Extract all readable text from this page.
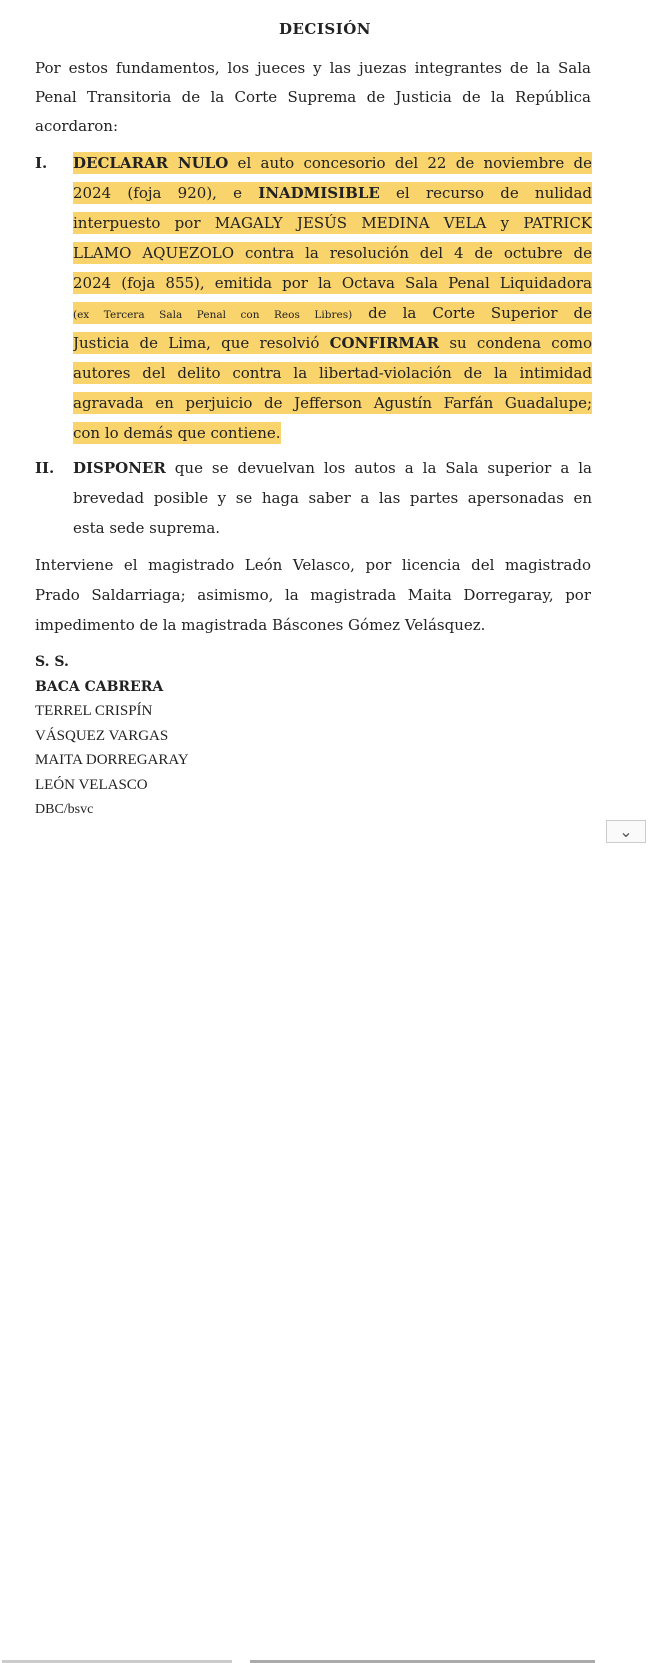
DECISIÓN
Por estos fundamentos, los jueces y las juezas integrantes de la Sala
Penal Transitoria de la Corte Suprema de Justicia de la República
acordaron:
I. DECLARAR NULO el auto concesorio del 22 de noviembre de
2024 (foja 920), e INADMISIBLE el recurso de nulidad
interpuesto por MAGALY JESÚS MEDINA VELA y PATRICK
LLAMO AQUEZOLO contra la resolución del 4 de octubre de
2024 (foja 855), emitida por la Octava Sala Penal Liquidadora
(ex Tercera Sala Penal con Reos Libres) de la Corte Superior de
Justicia de Lima, que resolvió CONFIRMAR su condena como
autores del delito contra la libertad-violación de la intimidad
agravada en perjuicio de Jefferson Agustín Farfán Guadalupe;
con lo demás que contiene.
II. DISPONER que se devuelvan los autos a la Sala superior a la
brevedad posible y se haga saber a las partes apersonadas en
esta sede suprema.
Interviene el magistrado León Velasco, por licencia del magistrado
Prado Saldarriaga; asimismo, la magistrada Maita Dorregaray, por
impedimento de la magistrada Báscones Gómez Velásquez.
S. S.
BACA CABRERA
TERREL CRISPÍN
VÁSQUEZ VARGAS
MAITA DORREGARAY
LEÓN VELASCO
DBC/bsvc
⌄
